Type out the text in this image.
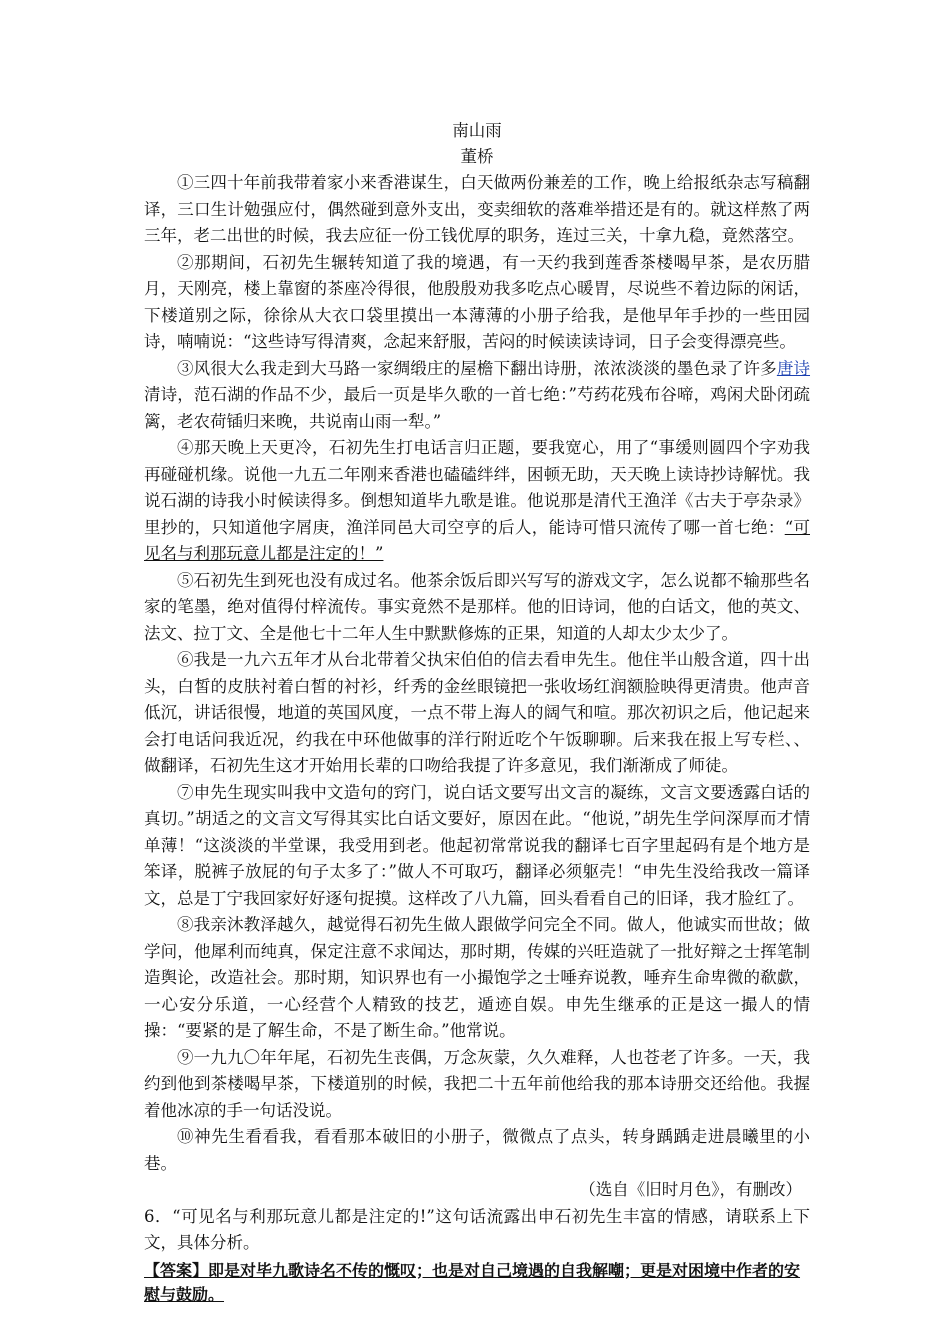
南山雨

董桥

①三四十年前我带着家小来香港谋生，白天做两份兼差的工作，晚上给报纸杂志写稿翻译，三口生计勉强应付，偶然碰到意外支出，变卖细软的落难举措还是有的。就这样熬了两三年，老二出世的时候，我去应征一份工钱优厚的职务，连过三关，十拿九稳，竟然落空。

②那期间，石初先生辗转知道了我的境遇，有一天约我到莲香茶楼喝早茶，是农历腊月，天刚亮，楼上靠窗的茶座冷得很，他殷殷劝我多吃点心暖胃，尽说些不着边际的闲话，下楼道别之际，徐徐从大衣口袋里摸出一本薄薄的小册子给我，是他早年手抄的一些田园诗，喃喃说：“这些诗写得清爽，念起来舒服，苦闷的时候读读诗词，日子会变得漂亮些。

③风很大么我走到大马路一家绸缎庄的屋檐下翻出诗册，浓浓淡淡的墨色录了许多唐诗清诗，范石湖的作品不少，最后一页是毕久歌的一首七绝：”芍药花残布谷啼，鸡闲犬卧闭疏篱，老农荷锸归来晚，共说南山雨一犁。”

④那天晚上天更冷，石初先生打电话言归正题，要我宽心，用了“事缓则圆四个字劝我再碰碰机缘。说他一九五二年刚来香港也磕磕绊绊，困顿无助，天天晚上读诗抄诗解忧。我说石湖的诗我小时候读得多。倒想知道毕九歌是谁。他说那是清代王渔洋《古夫于亭杂录》里抄的，只知道他字屑庚，渔洋同邑大司空亨的后人，能诗可惜只流传了哪一首七绝：“可见名与利那玩意儿都是注定的！”

⑤石初先生到死也没有成过名。他茶余饭后即兴写写的游戏文字，怎么说都不输那些名家的笔墨，绝对值得付梓流传。事实竟然不是那样。他的旧诗词，他的白话文，他的英文、法文、拉丁文、全是他七十二年人生中默默修炼的正果，知道的人却太少太少了。

⑥我是一九六五年才从台北带着父执宋伯伯的信去看申先生。他住半山般含道，四十出头，白皙的皮肤衬着白皙的衬衫，纤秀的金丝眼镜把一张收场红润额脸映得更清贵。他声音低沉，讲话很慢，地道的英国风度，一点不带上海人的阔气和喧。那次初识之后，他记起来会打电话问我近况，约我在中环他做事的洋行附近吃个午饭聊聊。后来我在报上写专栏、、做翻译，石初先生这才开始用长辈的口吻给我提了许多意见，我们渐渐成了师徒。

⑦申先生现实叫我中文造句的窍门，说白话文要写出文言的凝练，文言文要透露白话的真切。”胡适之的文言文写得其实比白话文要好，原因在此。“他说，”胡先生学问深厚而才情单薄！“这淡淡的半堂课，我受用到老。他起初常常说我的翻译七百字里起码有是个地方是笨译，脱裤子放屁的句子太多了：”做人不可取巧，翻译必须躯壳！“申先生没给我改一篇译文，总是丁宁我回家好好逐句捉摸。这样改了八九篇，回头看看自己的旧译，我才脸红了。

⑧我亲沐教泽越久，越觉得石初先生做人跟做学问完全不同。做人，他诚实而世故；做学问，他犀利而纯真，保定注意不求闻达，那时期，传媒的兴旺造就了一批好辩之士挥笔制造舆论，改造社会。那时期，知识界也有一小撮饱学之士唾弃说教，唾弃生命卑微的欷歔，一心安分乐道，一心经营个人精致的技艺，遁迹自娱。申先生继承的正是这一撮人的情操：“要紧的是了解生命，不是了断生命。”他常说。

⑨一九九〇年年尾，石初先生丧偶，万念灰蒙，久久难释，人也苍老了许多。一天，我约到他到茶楼喝早茶，下楼道别的时候，我把二十五年前他给我的那本诗册交还给他。我握着他冰凉的手一句话没说。

⑩神先生看看我，看看那本破旧的小册子，微微点了点头，转身踽踽走进晨曦里的小巷。

（选自《旧时月色》，有删改）

6．“可见名与利那玩意儿都是注定的!”这句话流露出申石初先生丰富的情感，请联系上下文，具体分析。

【答案】即是对毕九歌诗名不传的慨叹；也是对自己境遇的自我解嘲；更是对困境中作者的安慰与鼓励。
